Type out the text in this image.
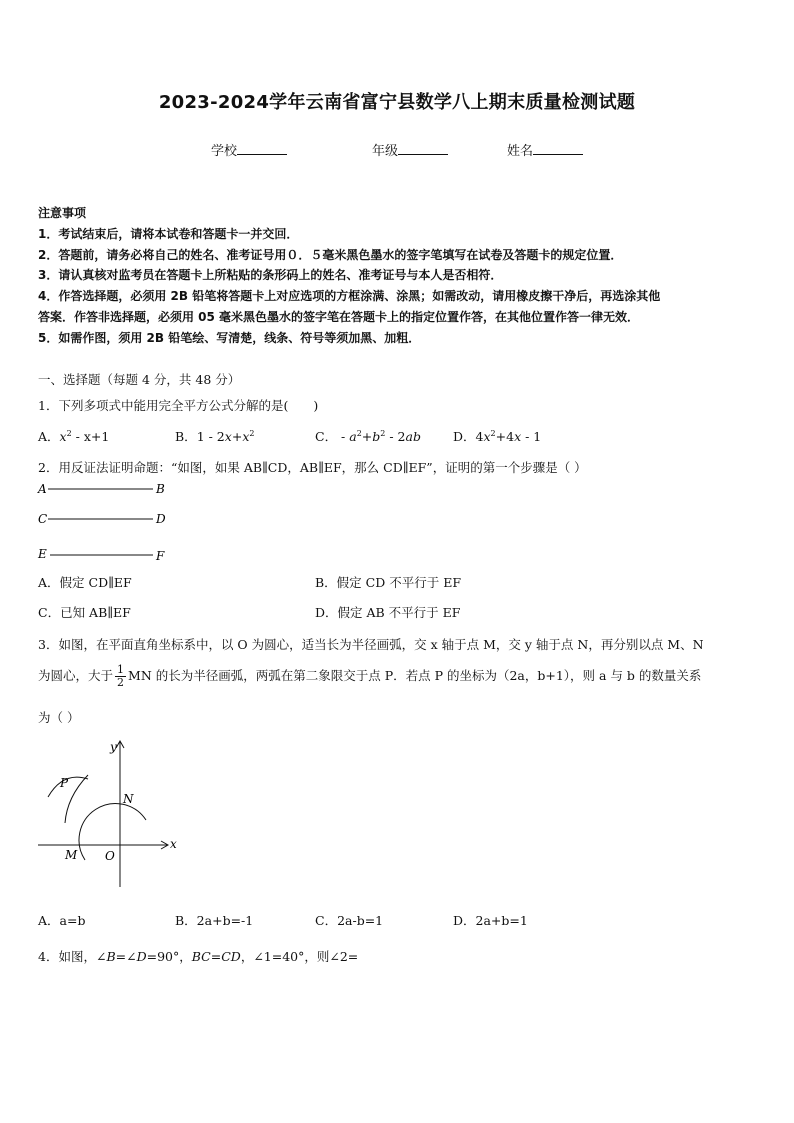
2023-2024学年云南省富宁县数学八上期末质量检测试题
学校	年级	姓名
注意事项
1．考试结束后，请将本试卷和答题卡一并交回．
2．答题前，请务必将自己的姓名、准考证号用０．５毫米黑色墨水的签字笔填写在试卷及答题卡的规定位置．
3．请认真核对监考员在答题卡上所粘贴的条形码上的姓名、准考证号与本人是否相符．
4．作答选择题，必须用 2B 铅笔将答题卡上对应选项的方框涂满、涂黑；如需改动，请用橡皮擦干净后，再选涂其他
答案．作答非选择题，必须用 05 毫米黑色墨水的签字笔在答题卡上的指定位置作答，在其他位置作答一律无效．
5．如需作图，须用 2B 铅笔绘、写清楚，线条、符号等须加黑、加粗．
一、选择题（每题 4 分，共 48 分）
1．下列多项式中能用完全平方公式分解的是(　　)
A．$x^2 - x+1$	B．$1 - 2x+x^2$	C． - $a^2+b^2 - 2ab$	D．$4x^2+4x - 1$
2．用反证法证明命题：“如图，如果 AB∥CD，AB∥EF，那么 CD∥EF”，证明的第一个步骤是（ ）
A	B
C	D
E	F
A．假定 CD∥EF	B．假定 CD 不平行于 EF
C．已知 AB∥EF	D．假定 AB 不平行于 EF
3．如图，在平面直角坐标系中，以 O 为圆心，适当长为半径画弧，交 x 轴于点 M，交 y 轴于点 N，再分别以点 M、N
为圆心，大于 $\frac{1}{2}$ MN 的长为半径画弧，两弧在第二象限交于点 P．若点 P 的坐标为（2a，b+1），则 a 与 b 的数量关系
为（ ）
P
N
y
x
M O
A．a=b	B．2a+b=-1	C．2a-b=1	D．2a+b=1
4．如图，∠B=∠D=90°，BC=CD，∠1=40°，则∠2=
